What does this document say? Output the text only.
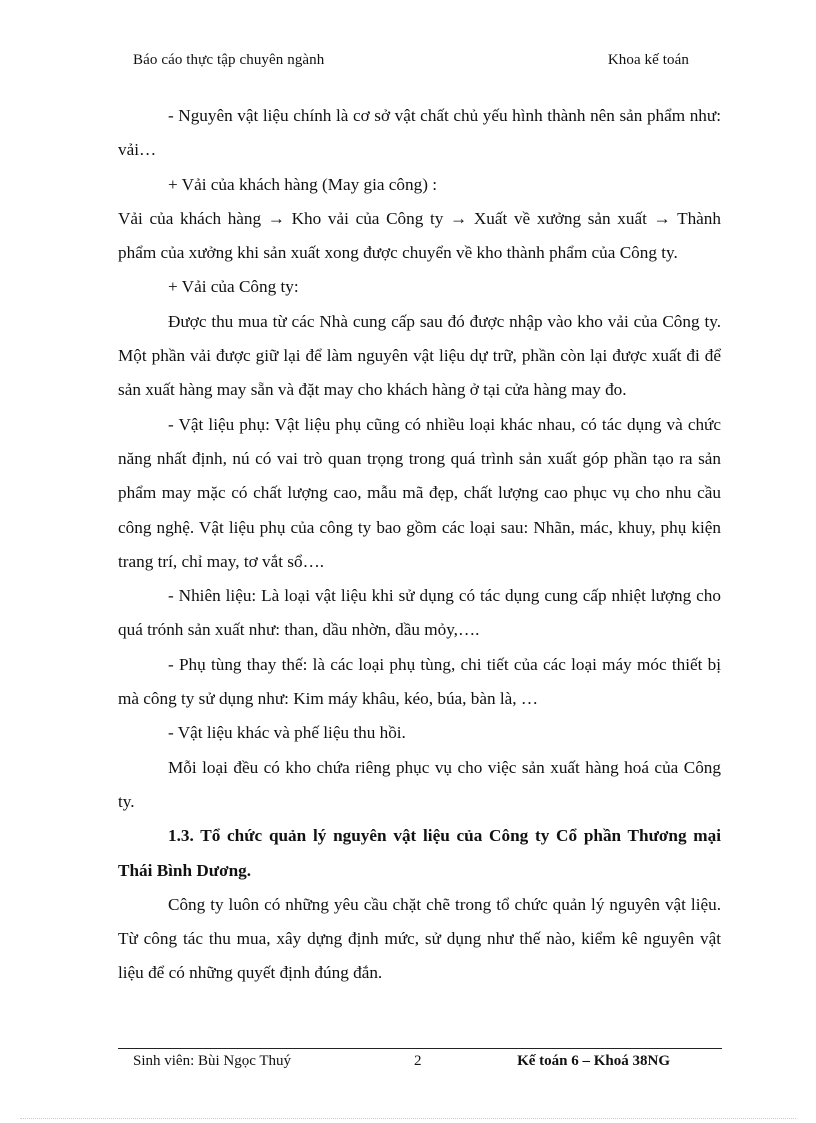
Báo cáo thực tập chuyên ngành	Khoa kế toán

- Nguyên vật liệu chính là cơ sở vật chất chủ yếu hình thành nên sản phẩm như: vải…

+ Vải của khách hàng (May gia công) :

Vải của khách hàng → Kho vải của Công ty → Xuất về xưởng sản xuất → Thành phẩm của xưởng khi sản xuất xong được chuyển về kho thành phẩm của Công ty.

+ Vải của Công ty:

Được thu mua từ các Nhà cung cấp sau đó được nhập vào kho vải của Công ty. Một phần vải được giữ lại để làm nguyên vật liệu dự trữ, phần còn lại được xuất đi để sản xuất hàng may sẵn và đặt may cho khách hàng ở tại cửa hàng may đo.

- Vật liệu phụ: Vật liệu phụ cũng có nhiều loại khác nhau, có tác dụng và chức năng nhất định, nú có vai trò quan trọng trong quá trình sản xuất góp phần tạo ra sản phẩm may mặc có chất lượng cao, mẫu mã đẹp, chất lượng cao phục vụ cho nhu cầu công nghệ. Vật liệu phụ của công ty bao gồm các loại sau: Nhãn, mác, khuy, phụ kiện trang trí, chỉ may, tơ vắt sổ….

- Nhiên liệu: Là loại vật liệu khi sử dụng có tác dụng cung cấp nhiệt lượng cho quá trónh sản xuất như: than, dầu nhờn, dầu mỏy,….

- Phụ tùng thay thế: là các loại phụ tùng, chi tiết của các loại máy móc thiết bị mà công ty sử dụng như: Kim máy khâu, kéo, búa, bàn là, …

- Vật liệu khác và phế liệu thu hồi.

Mỗi loại đều có kho chứa riêng phục vụ cho việc sản xuất hàng hoá của Công ty.

1.3. Tổ chức quản lý nguyên vật liệu của Công ty Cổ phần Thương mại Thái Bình Dương.

Công ty luôn có những yêu cầu chặt chẽ trong tổ chức quản lý nguyên vật liệu. Từ công tác thu mua, xây dựng định mức, sử dụng như thế nào, kiểm kê nguyên vật liệu để có những quyết định đúng đắn.

Sinh viên: Bùi Ngọc Thuý	2	Kế toán 6 – Khoá 38NG
